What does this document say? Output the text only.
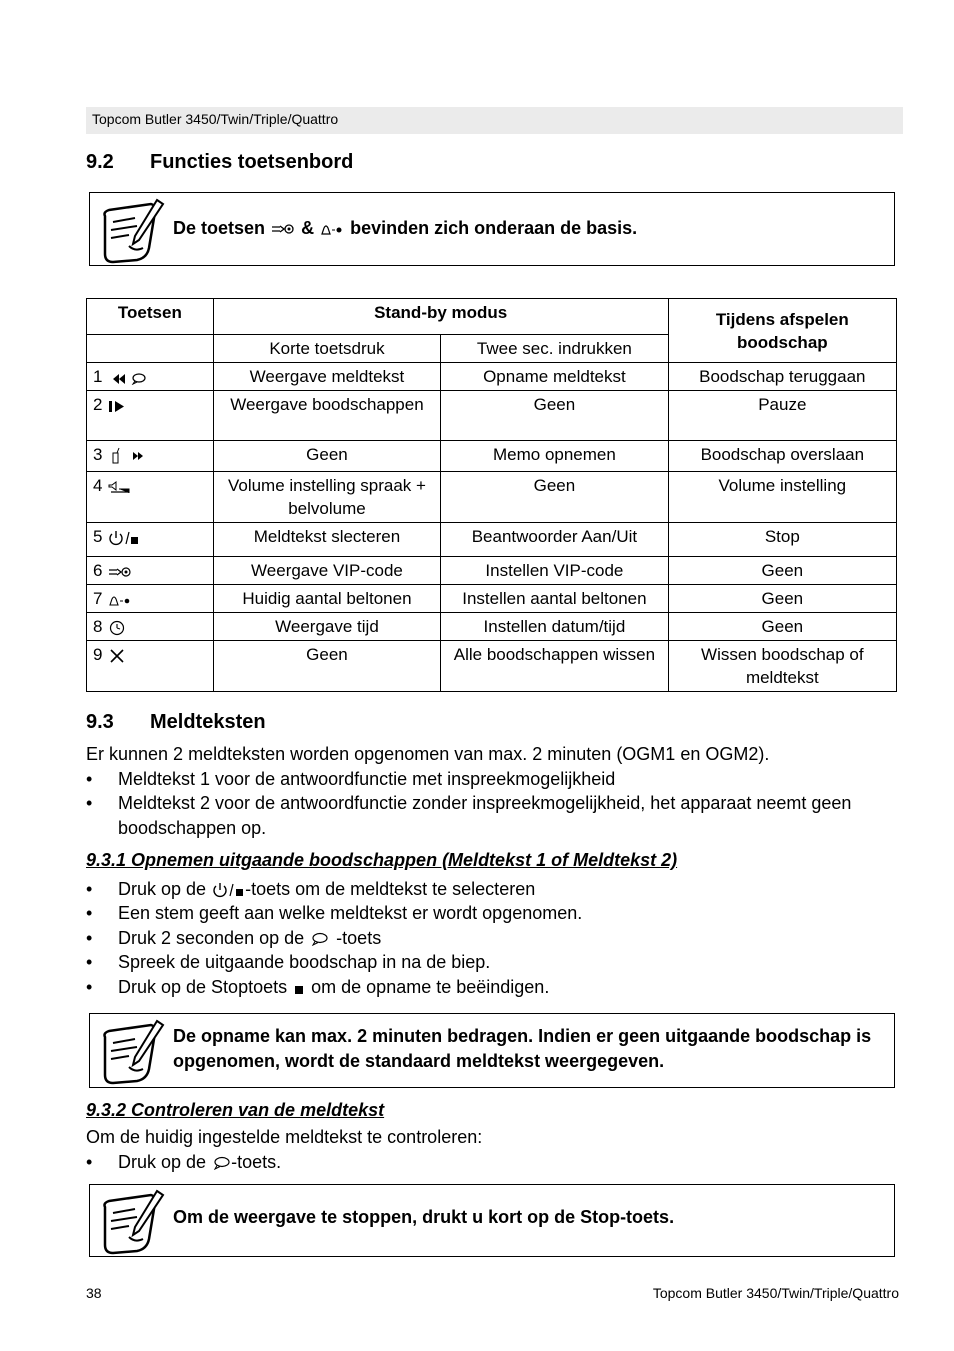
Topcom Butler 3450/Twin/Triple/Quattro
9.2 Functies toetsenbord
De toetsen & bevinden zich onderaan de basis.
Toetsen	Stand-by modus		Tijdens afspelen boodschap
	Korte toetsdruk	Twee sec. indrukken	
1	Weergave meldtekst	Opname meldtekst	Boodschap teruggaan
2	Weergave boodschappen	Geen	Pauze
3	Geen	Memo opnemen	Boodschap overslaan
4	Volume instelling spraak + belvolume	Geen	Volume instelling
5	Meldtekst slecteren	Beantwoorder Aan/Uit	Stop
6	Weergave VIP-code	Instellen VIP-code	Geen
7	Huidig aantal beltonen	Instellen aantal beltonen	Geen
8	Weergave tijd	Instellen datum/tijd	Geen
9	Geen	Alle boodschappen wissen	Wissen boodschap of meldtekst
9.3 Meldteksten
Er kunnen 2 meldteksten worden opgenomen van max. 2 minuten (OGM1 en OGM2).
• Meldtekst 1 voor de antwoordfunctie met inspreekmogelijkheid
• Meldtekst 2 voor de antwoordfunctie zonder inspreekmogelijkheid, het apparaat neemt geen boodschappen op.
9.3.1 Opnemen uitgaande boodschappen (Meldtekst 1 of Meldtekst 2)
• Druk op de -toets om de meldtekst te selecteren
• Een stem geeft aan welke meldtekst er wordt opgenomen.
• Druk 2 seconden op de -toets
• Spreek de uitgaande boodschap in na de biep.
• Druk op de Stoptoets om de opname te beëindigen.
De opname kan max. 2 minuten bedragen. Indien er geen uitgaande boodschap is opgenomen, wordt de standaard meldtekst weergegeven.
9.3.2 Controleren van de meldtekst
Om de huidig ingestelde meldtekst te controleren:
• Druk op de -toets.
Om de weergave te stoppen, drukt u kort op de Stop-toets.
38	Topcom Butler 3450/Twin/Triple/Quattro
